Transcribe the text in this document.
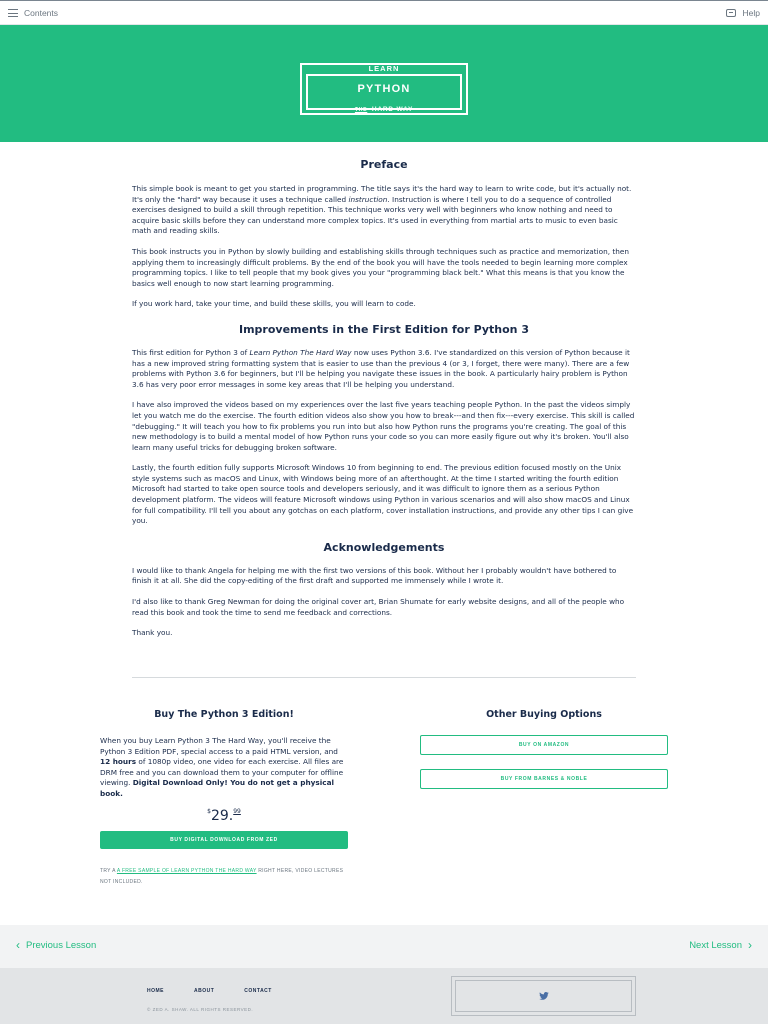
Contents	Help
LEARN
PYTHON
THE HARD WAY
Preface

This simple book is meant to get you started in programming. The title says it's the hard way to learn to write code, but it's actually not. It's only the "hard" way because it uses a technique called instruction. Instruction is where I tell you to do a sequence of controlled exercises designed to build a skill through repetition. This technique works very well with beginners who know nothing and need to acquire basic skills before they can understand more complex topics. It's used in everything from martial arts to music to even basic math and reading skills.

This book instructs you in Python by slowly building and establishing skills through techniques such as practice and memorization, then applying them to increasingly difficult problems. By the end of the book you will have the tools needed to begin learning more complex programming topics. I like to tell people that my book gives you your "programming black belt." What this means is that you know the basics well enough to now start learning programming.

If you work hard, take your time, and build these skills, you will learn to code.

Improvements in the First Edition for Python 3

This first edition for Python 3 of Learn Python The Hard Way now uses Python 3.6. I've standardized on this version of Python because it has a new improved string formatting system that is easier to use than the previous 4 (or 3, I forget, there were many). There are a few problems with Python 3.6 for beginners, but I'll be helping you navigate these issues in the book. A particularly hairy problem is Python 3.6 has very poor error messages in some key areas that I'll be helping you understand.

I have also improved the videos based on my experiences over the last five years teaching people Python. In the past the videos simply let you watch me do the exercise. The fourth edition videos also show you how to break---and then fix---every exercise. This skill is called "debugging." It will teach you how to fix problems you run into but also how Python runs the programs you're creating. The goal of this new methodology is to build a mental model of how Python runs your code so you can more easily figure out why it's broken. You'll also learn many useful tricks for debugging broken software.

Lastly, the fourth edition fully supports Microsoft Windows 10 from beginning to end. The previous edition focused mostly on the Unix style systems such as macOS and Linux, with Windows being more of an afterthought. At the time I started writing the fourth edition Microsoft had started to take open source tools and developers seriously, and it was difficult to ignore them as a serious Python development platform. The videos will feature Microsoft windows using Python in various scenarios and will also show macOS and Linux for full compatibility. I'll tell you about any gotchas on each platform, cover installation instructions, and provide any other tips I can give you.

Acknowledgements

I would like to thank Angela for helping me with the first two versions of this book. Without her I probably wouldn't have bothered to finish it at all. She did the copy-editing of the first draft and supported me immensely while I wrote it.

I'd also like to thank Greg Newman for doing the original cover art, Brian Shumate for early website designs, and all of the people who read this book and took the time to send me feedback and corrections.

Thank you.

Buy The Python 3 Edition!
When you buy Learn Python 3 The Hard Way, you'll receive the Python 3 Edition PDF, special access to a paid HTML version, and 12 hours of 1080p video, one video for each exercise. All files are DRM free and you can download them to your computer for offline viewing. Digital Download Only! You do not get a physical book.
$29.99
BUY DIGITAL DOWNLOAD FROM ZED
TRY A A FREE SAMPLE OF LEARN PYTHON THE HARD WAY RIGHT HERE, VIDEO LECTURES NOT INCLUDED.
Other Buying Options
BUY ON AMAZON
BUY FROM BARNES & NOBLE
‹ Previous Lesson	Next Lesson ›
HOME	ABOUT	CONTACT
© ZED A. SHAW. ALL RIGHTS RESERVED.
